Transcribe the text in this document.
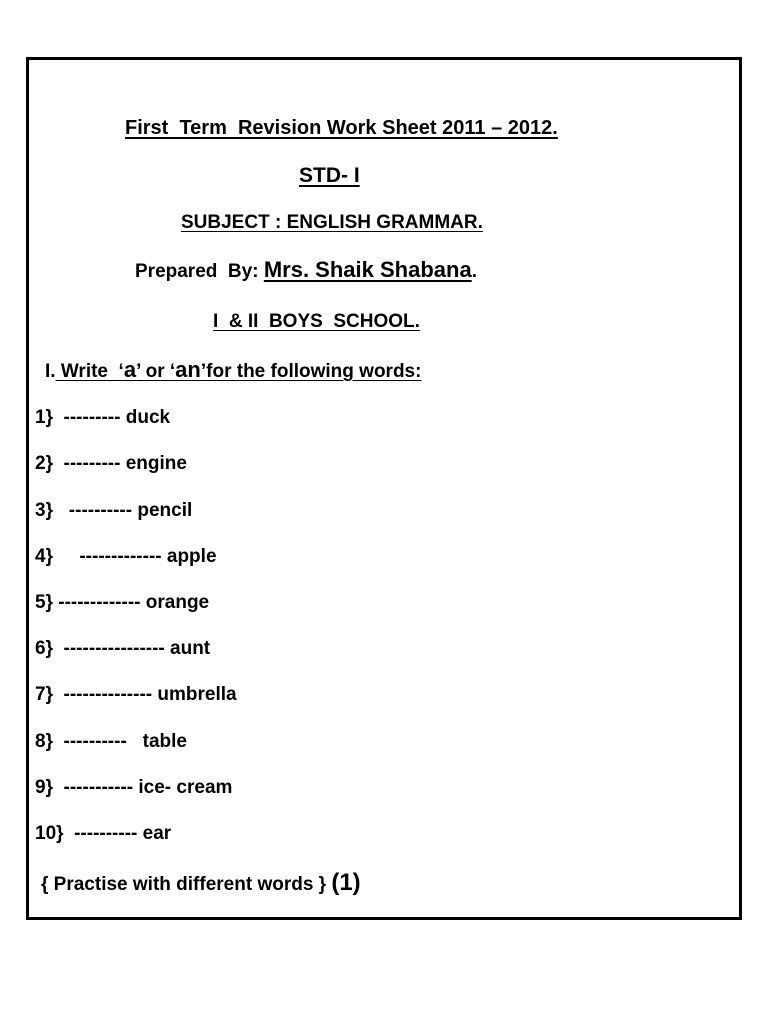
First  Term  Revision Work Sheet 2011 – 2012.
STD- I
SUBJECT : ENGLISH GRAMMAR.
Prepared  By: Mrs. Shaik Shabana.
I  & II  BOYS  SCHOOL.
I. Write  ‘a’ or ‘an’for the following words:
1}  --------- duck
2}  --------- engine
3}   ---------- pencil
4}     ------------- apple
5} ------------- orange
6}  ---------------- aunt
7}  -------------- umbrella
8}  ----------   table
9}  ----------- ice- cream
10}  ---------- ear
{ Practise with different words } (1)
